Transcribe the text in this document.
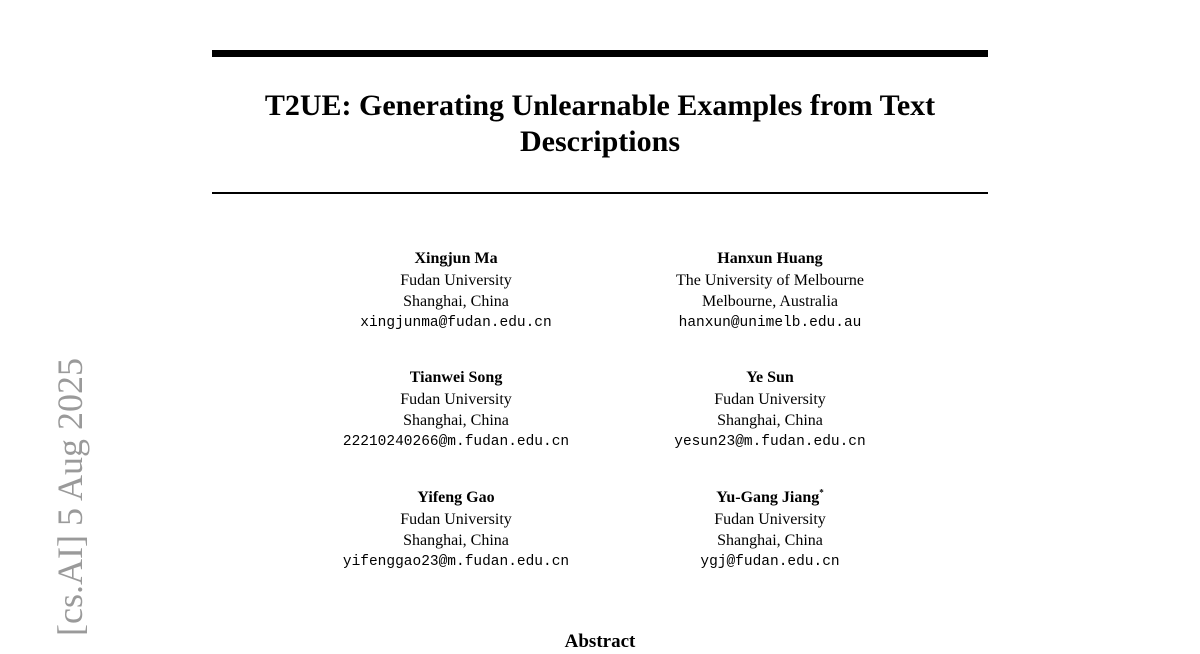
T2UE: Generating Unlearnable Examples from Text Descriptions
Xingjun Ma
Fudan University
Shanghai, China
xingjunma@fudan.edu.cn
Hanxun Huang
The University of Melbourne
Melbourne, Australia
hanxun@unimelb.edu.au
Tianwei Song
Fudan University
Shanghai, China
22210240266@m.fudan.edu.cn
Ye Sun
Fudan University
Shanghai, China
yesun23@m.fudan.edu.cn
Yifeng Gao
Fudan University
Shanghai, China
yifenggao23@m.fudan.edu.cn
Yu-Gang Jiang*
Fudan University
Shanghai, China
ygj@fudan.edu.cn
[cs.AI] 5 Aug 2025
Abstract
